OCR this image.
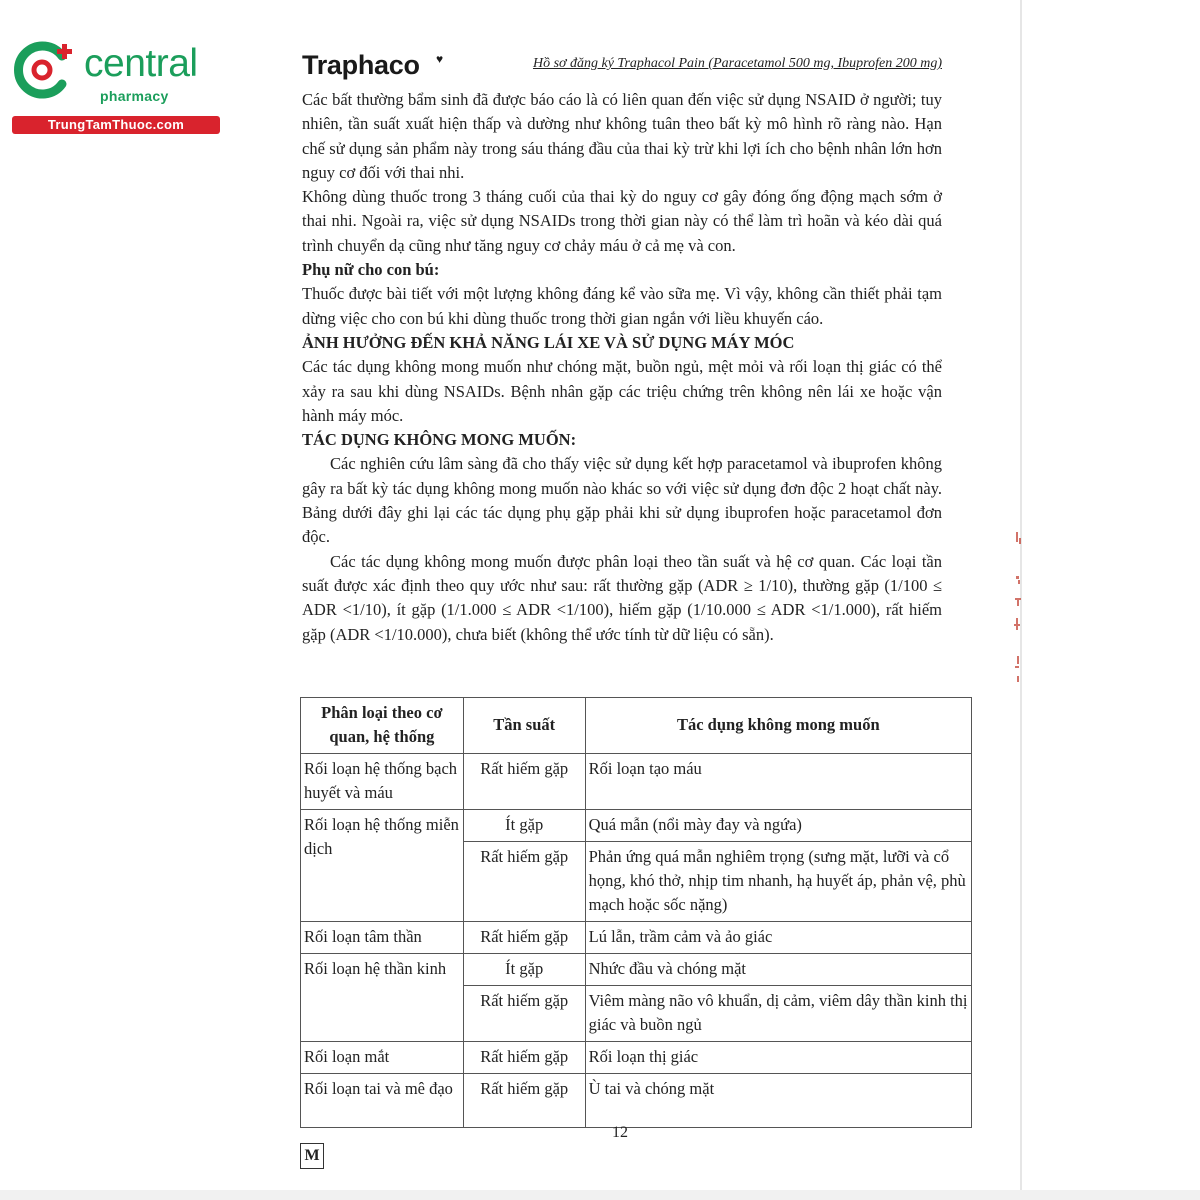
central
pharmacy
TrungTamThuoc.com
Traphaco ♥	Hồ sơ đăng ký Traphacol Pain (Paracetamol 500 mg, Ibuprofen 200 mg)

Các bất thường bẩm sinh đã được báo cáo là có liên quan đến việc sử dụng NSAID ở người; tuy nhiên, tần suất xuất hiện thấp và dường như không tuân theo bất kỳ mô hình rõ ràng nào. Hạn chế sử dụng sản phẩm này trong sáu tháng đầu của thai kỳ trừ khi lợi ích cho bệnh nhân lớn hơn nguy cơ đối với thai nhi.

Không dùng thuốc trong 3 tháng cuối của thai kỳ do nguy cơ gây đóng ống động mạch sớm ở thai nhi. Ngoài ra, việc sử dụng NSAIDs trong thời gian này có thể làm trì hoãn và kéo dài quá trình chuyển dạ cũng như tăng nguy cơ chảy máu ở cả mẹ và con.

Phụ nữ cho con bú:

Thuốc được bài tiết với một lượng không đáng kể vào sữa mẹ. Vì vậy, không cần thiết phải tạm dừng việc cho con bú khi dùng thuốc trong thời gian ngắn với liều khuyến cáo.

ẢNH HƯỞNG ĐẾN KHẢ NĂNG LÁI XE VÀ SỬ DỤNG MÁY MÓC

Các tác dụng không mong muốn như chóng mặt, buồn ngủ, mệt mỏi và rối loạn thị giác có thể xảy ra sau khi dùng NSAIDs. Bệnh nhân gặp các triệu chứng trên không nên lái xe hoặc vận hành máy móc.

TÁC DỤNG KHÔNG MONG MUỐN:

Các nghiên cứu lâm sàng đã cho thấy việc sử dụng kết hợp paracetamol và ibuprofen không gây ra bất kỳ tác dụng không mong muốn nào khác so với việc sử dụng đơn độc 2 hoạt chất này. Bảng dưới đây ghi lại các tác dụng phụ gặp phải khi sử dụng ibuprofen hoặc paracetamol đơn độc.

Các tác dụng không mong muốn được phân loại theo tần suất và hệ cơ quan. Các loại tần suất được xác định theo quy ước như sau: rất thường gặp (ADR ≥ 1/10), thường gặp (1/100 ≤ ADR <1/10), ít gặp (1/1.000 ≤ ADR <1/100), hiếm gặp (1/10.000 ≤ ADR <1/1.000), rất hiếm gặp (ADR <1/10.000), chưa biết (không thể ước tính từ dữ liệu có sẵn).

Phân loại theo cơ quan, hệ thống	Tần suất	Tác dụng không mong muốn
Rối loạn hệ thống bạch huyết và máu	Rất hiếm gặp	Rối loạn tạo máu
Rối loạn hệ thống miễn dịch	Ít gặp	Quá mẫn (nổi mày đay và ngứa)
	Rất hiếm gặp	Phản ứng quá mẫn nghiêm trọng (sưng mặt, lưỡi và cổ họng, khó thở, nhịp tim nhanh, hạ huyết áp, phản vệ, phù mạch hoặc sốc nặng)
Rối loạn tâm thần	Rất hiếm gặp	Lú lẫn, trầm cảm và ảo giác
Rối loạn hệ thần kinh	Ít gặp	Nhức đầu và chóng mặt
	Rất hiếm gặp	Viêm màng não vô khuẩn, dị cảm, viêm dây thần kinh thị giác và buồn ngủ
Rối loạn mắt	Rất hiếm gặp	Rối loạn thị giác
Rối loạn tai và mê đạo	Rất hiếm gặp	Ù tai và chóng mặt
12
M
